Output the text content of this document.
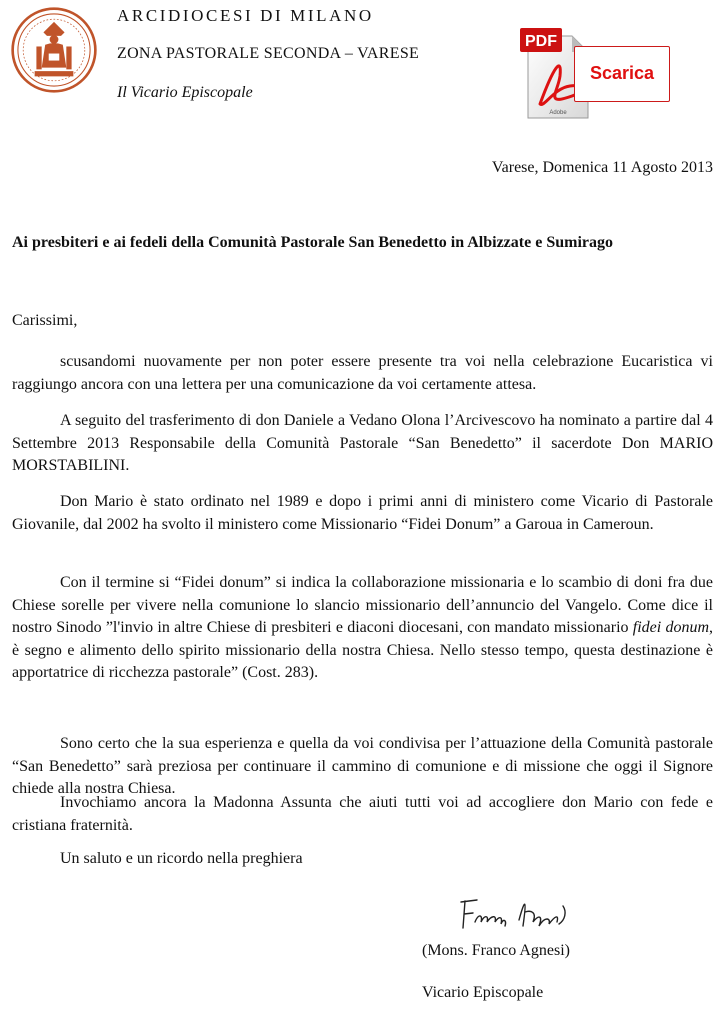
ARCIDIOCESI DI MILANO
ZONA PASTORALE SECONDA – VARESE
Il Vicario Episcopale
PDF
Adobe
Scarica
Varese, Domenica 11 Agosto 2013
Ai presbiteri e ai fedeli della Comunità Pastorale San Benedetto in Albizzate e Sumirago
Carissimi,

scusandomi nuovamente per non poter essere presente tra voi nella celebrazione Eucaristica vi raggiungo ancora con una lettera per una comunicazione da voi certamente attesa.

A seguito del trasferimento di don Daniele a Vedano Olona l’Arcivescovo ha nominato a partire dal 4 Settembre 2013 Responsabile della Comunità Pastorale “San Benedetto” il sacerdote Don MARIO MORSTABILINI.

Don Mario è stato ordinato nel 1989 e dopo i primi anni di ministero come Vicario di Pastorale Giovanile, dal 2002 ha svolto il ministero come Missionario “Fidei Donum” a Garoua in Cameroun.

Con il termine si “Fidei donum” si indica la collaborazione missionaria e lo scambio di doni fra due Chiese sorelle per vivere nella comunione lo slancio missionario dell’annuncio del Vangelo. Come dice il nostro Sinodo ”l'invio in altre Chiese di presbiteri e diaconi diocesani, con mandato missionario fidei donum, è segno e alimento dello spirito missionario della nostra Chiesa. Nello stesso tempo, questa destinazione è apportatrice di ricchezza pastorale” (Cost. 283).

Sono certo che la sua esperienza e quella da voi condivisa per l’attuazione della Comunità pastorale “San Benedetto” sarà preziosa per continuare il cammino di comunione e di missione che oggi il Signore chiede alla nostra Chiesa.

Invochiamo ancora la Madonna Assunta che aiuti tutti voi ad accogliere don Mario con fede e cristiana fraternità.

Un saluto e un ricordo nella preghiera
(Mons. Franco Agnesi)
Vicario Episcopale
